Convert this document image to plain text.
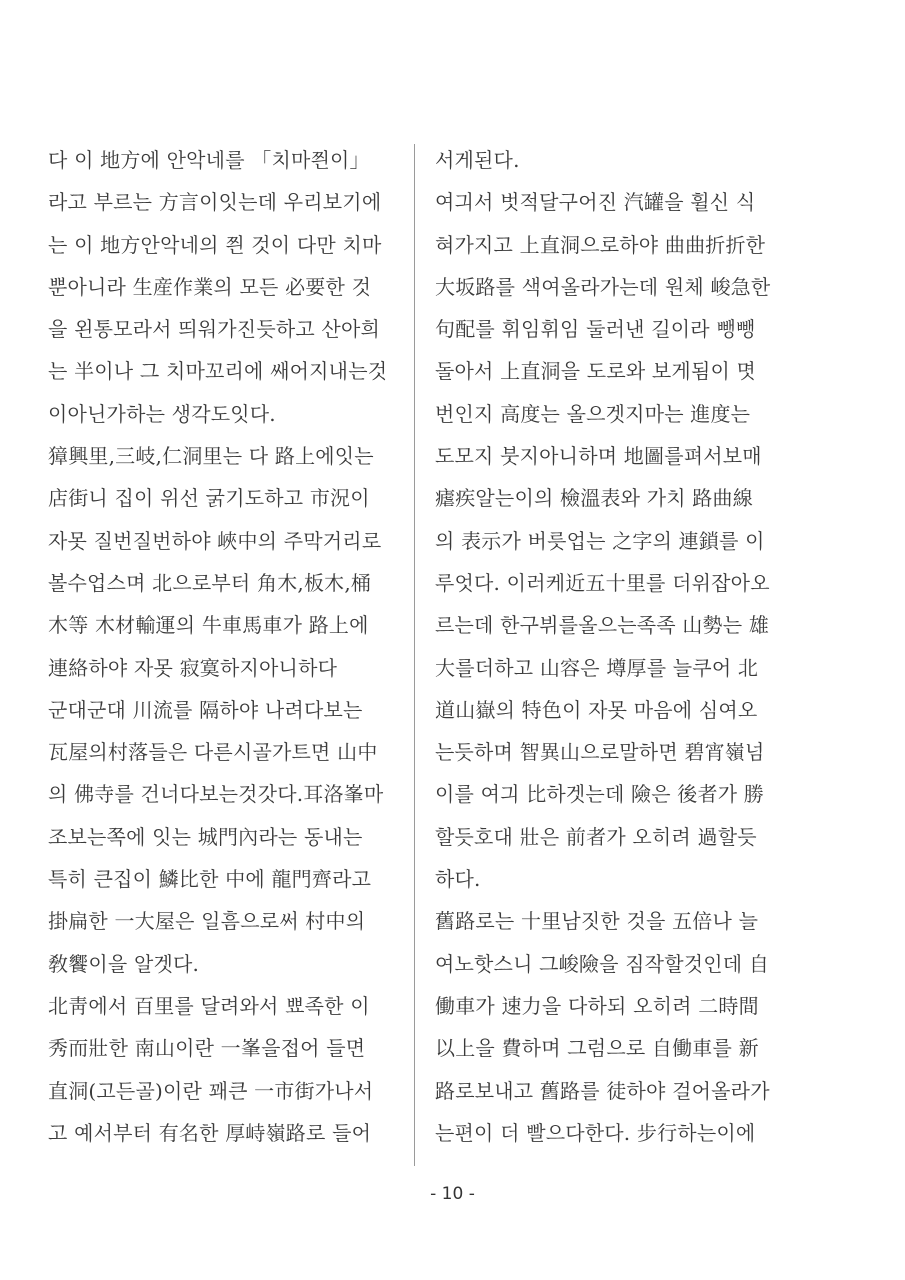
다 이 地方에 안악네를 「치마쯴이」
라고 부르는 方言이잇는데 우리보기에
는 이 地方안악네의 쯴 것이 다만 치마
뿐아니라 生産作業의 모든 必要한 것
을 왼통모라서 띄워가진듯하고 산아희
는 半이나 그 치마꼬리에 쌔어지내는것
이아닌가하는 생각도잇다.
獐興里,三岐,仁洞里는 다 路上에잇는
店街니 집이 위선 굵기도하고 市況이
자못 질번질번하야 峽中의 주막거리로
볼수업스며 北으로부터 角木,板木,桶
木等 木材輸運의 牛車馬車가 路上에
連絡하야 자못 寂寞하지아니하다
군대군대 川流를 隔하야 나려다보는
瓦屋의村落들은 다른시골가트면 山中
의 佛寺를 건너다보는것갓다.耳洛峯마
조보는쪽에 잇는 城門內라는 동내는
특히 큰집이 鱗比한 中에 龍門齊라고
掛扁한 一大屋은 일흠으로써 村中의
敎饗이을 알겟다.
北靑에서 百里를 달려와서 뾰족한 이
秀而壯한 南山이란 一峯을접어 들면
直洞(고든골)이란 꽤큰 一市街가나서
고 예서부터 有名한 厚峙嶺路로 들어
서게된다.
여긔서 벗적달구어진 汽罐을 휠신 식
혀가지고 上直洞으로하야 曲曲折折한
大坂路를 색여올라가는데 원체 峻急한
句配를 휘임휘임 둘러낸 길이라 뺑뺑
돌아서 上直洞을 도로와 보게됨이 몃
번인지 高度는 올으겟지마는 進度는
도모지 붓지아니하며 地圖를펴서보매
瘧疾알는이의 檢溫表와 가치 路曲線
의 表示가 버릇업는 之字의 連鎖를 이
루엇다. 이러케近五十里를 더위잡아오
르는데 한구뷔를올으는족족 山勢는 雄
大를더하고 山容은 墫厚를 늘쿠어 北
道山嶽의 特色이 자못 마음에 심여오
는듯하며 智異山으로말하면 碧宵嶺넘
이를 여긔 比하겟는데 險은 後者가 勝
할듯호대 壯은 前者가 오히려 過할듯
하다.
舊路로는 十里남짓한 것을 五倍나 늘
여노핫스니 그峻險을 짐작할것인데 自
働車가 速力을 다하되 오히려 二時間
以上을 費하며 그럼으로 自働車를 新
路로보내고 舊路를 徒하야 걸어올라가
는편이 더 빨으다한다. 步行하는이에
- 10 -
